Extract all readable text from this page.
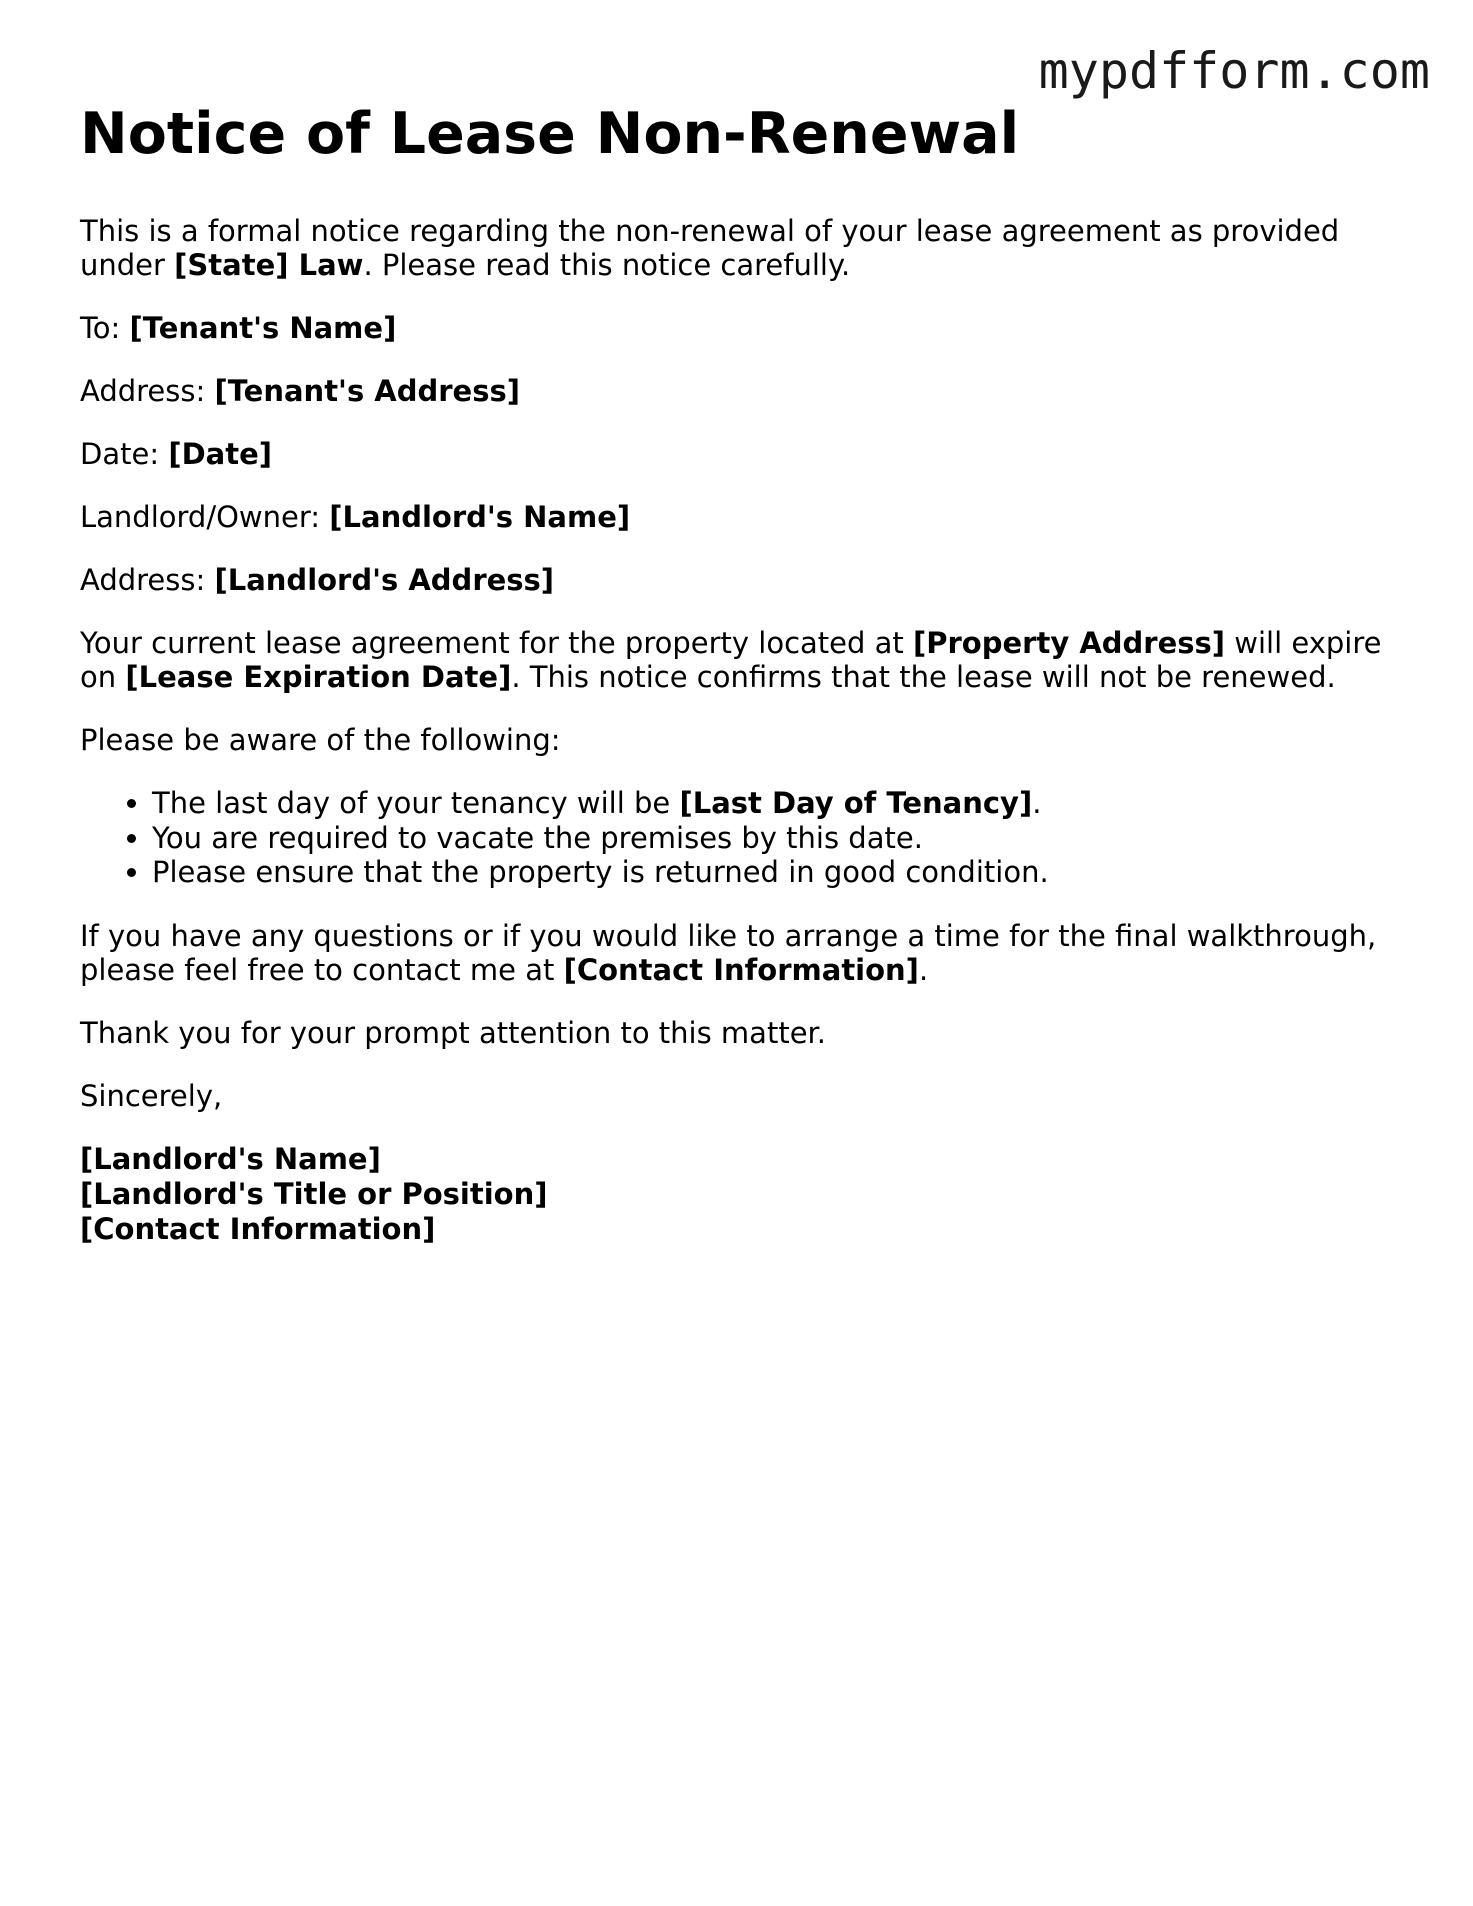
mypdfform.com
Notice of Lease Non-Renewal

This is a formal notice regarding the non-renewal of your lease agreement as provided under [State] Law. Please read this notice carefully.

To: [Tenant's Name]

Address: [Tenant's Address]

Date: [Date]

Landlord/Owner: [Landlord's Name]

Address: [Landlord's Address]

Your current lease agreement for the property located at [Property Address] will expire on [Lease Expiration Date]. This notice confirms that the lease will not be renewed.

Please be aware of the following:

• The last day of your tenancy will be [Last Day of Tenancy].
• You are required to vacate the premises by this date.
• Please ensure that the property is returned in good condition.

If you have any questions or if you would like to arrange a time for the final walkthrough, please feel free to contact me at [Contact Information].

Thank you for your prompt attention to this matter.

Sincerely,

[Landlord's Name]
[Landlord's Title or Position]
[Contact Information]
